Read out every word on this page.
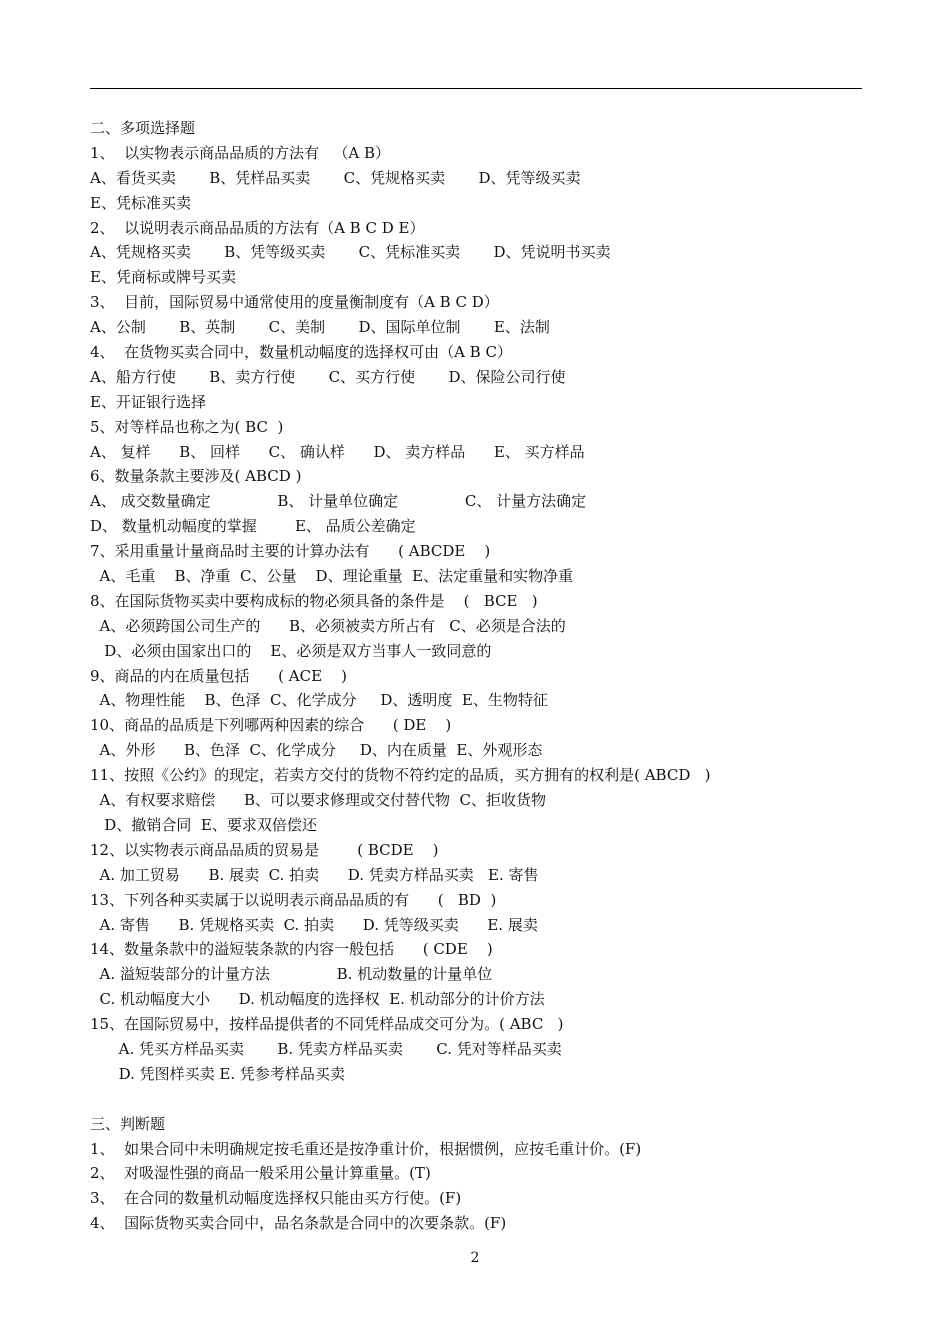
二、多项选择题
1、  以实物表示商品品质的方法有   （A B）
A、看货买卖       B、凭样品买卖       C、凭规格买卖       D、凭等级买卖
E、凭标准买卖
2、  以说明表示商品品质的方法有（A B C D E）
A、凭规格买卖       B、凭等级买卖       C、凭标准买卖       D、凭说明书买卖
E、凭商标或牌号买卖
3、  目前，国际贸易中通常使用的度量衡制度有（A B C D）
A、公制       B、英制       C、美制       D、国际单位制       E、法制
4、  在货物买卖合同中，数量机动幅度的选择权可由（A B C）
A、船方行使       B、卖方行使       C、买方行使       D、保险公司行使
E、开证银行选择
5、对等样品也称之为( BC  )
A、 复样      B、 回样      C、 确认样      D、 卖方样品      E、 买方样品
6、数量条款主要涉及( ABCD )
A、 成交数量确定              B、 计量单位确定              C、 计量方法确定
D、 数量机动幅度的掌握        E、 品质公差确定
7、采用重量计量商品时主要的计算办法有      ( ABCDE    )
A、毛重    B、净重  C、公量    D、理论重量  E、法定重量和实物净重
8、在国际货物买卖中要构成标的物必须具备的条件是    (   BCE   )
A、必须跨国公司生产的      B、必须被卖方所占有   C、必须是合法的
D、必须由国家出口的    E、必须是双方当事人一致同意的
9、商品的内在质量包括      ( ACE    )
A、物理性能    B、色泽  C、化学成分     D、透明度  E、生物特征
10、商品的品质是下列哪两种因素的综合      ( DE    )
A、外形      B、色泽  C、化学成分     D、内在质量  E、外观形态
11、按照《公约》的现定，若卖方交付的货物不符约定的品质，买方拥有的权利是( ABCD   )
A、有权要求赔偿      B、可以要求修理或交付替代物  C、拒收货物
D、撤销合同  E、要求双倍偿还
12、以实物表示商品品质的贸易是        ( BCDE    )
A. 加工贸易      B. 展卖  C. 拍卖      D. 凭卖方样品买卖   E. 寄售
13、下列各种买卖属于以说明表示商品品质的有      (   BD  )
A. 寄售      B. 凭规格买卖  C. 拍卖      D. 凭等级买卖      E. 展卖
14、数量条款中的溢短装条款的内容一般包括      ( CDE    )
A. 溢短装部分的计量方法              B. 机动数量的计量单位
C. 机动幅度大小      D. 机动幅度的选择权  E. 机动部分的计价方法
15、在国际贸易中，按样品提供者的不同凭样品成交可分为。( ABC   )
A. 凭买方样品买卖       B. 凭卖方样品买卖       C. 凭对等样品买卖
D. 凭图样买卖 E. 凭参考样品买卖
三、判断题
1、  如果合同中未明确规定按毛重还是按净重计价，根据惯例，应按毛重计价。(F)
2、  对吸湿性强的商品一般采用公量计算重量。(T)
3、  在合同的数量机动幅度选择权只能由买方行使。(F)
4、  国际货物买卖合同中，品名条款是合同中的次要条款。(F)
2
